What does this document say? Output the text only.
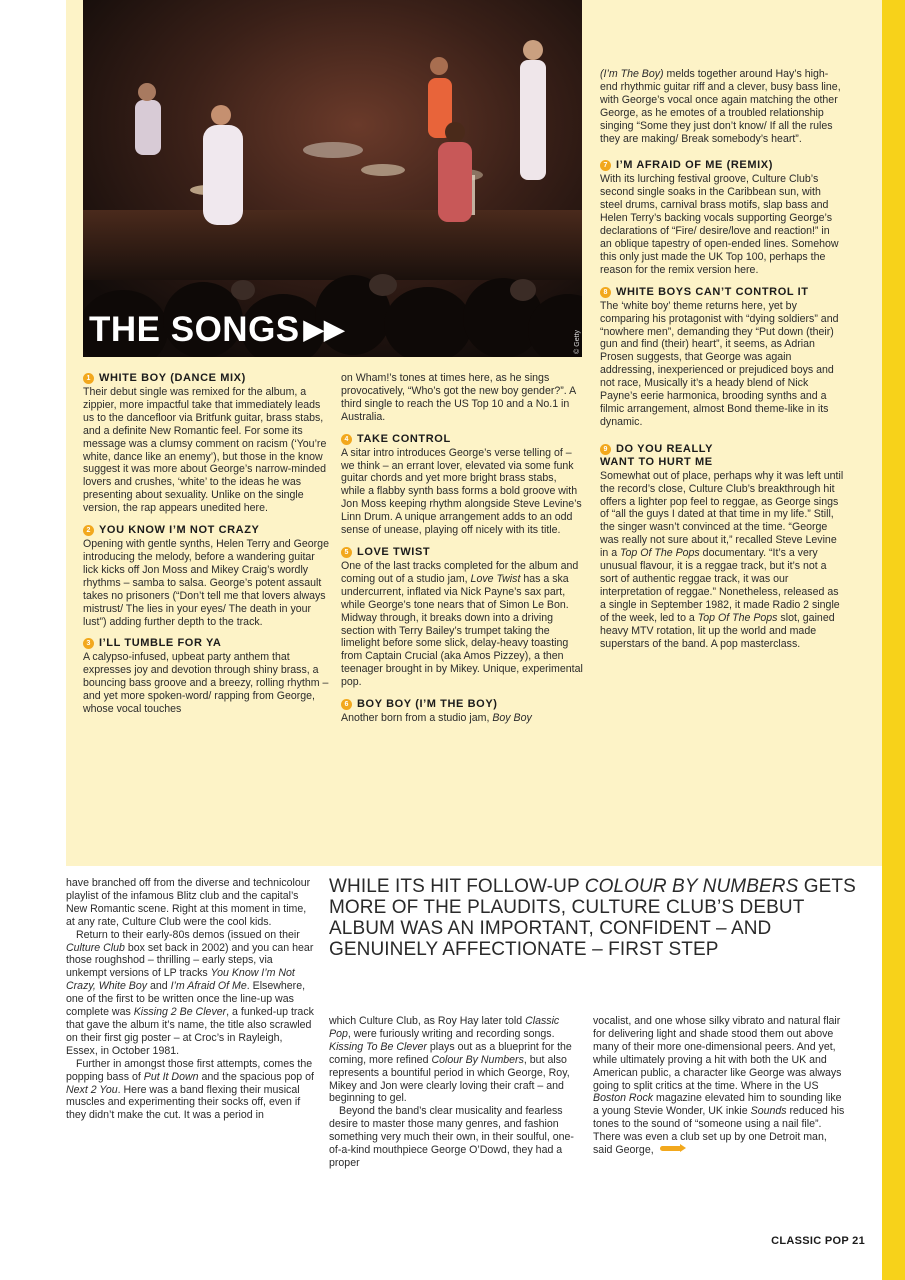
THE SONGS ▶▶	© Getty
1 WHITE BOY (DANCE MIX)

Their debut single was remixed for the album, a zippier, more impactful take that immediately leads us to the dancefloor via Britfunk guitar, brass stabs, and a definite New Romantic feel. For some its message was a clumsy comment on racism (‘You’re white, dance like an enemy’), but those in the know suggest it was more about George’s narrow-minded lovers and crushes, ‘white’ to the ideas he was presenting about sexuality. Unlike on the single version, the rap appears unedited here.

2 YOU KNOW I’M NOT CRAZY

Opening with gentle synths, Helen Terry and George introducing the melody, before a wandering guitar lick kicks off Jon Moss and Mikey Craig’s wordly rhythms – samba to salsa. George’s potent assault takes no prisoners (“Don’t tell me that lovers always mistrust/ The lies in your eyes/ The death in your lust”) adding further depth to the track.

3 I’LL TUMBLE FOR YA

A calypso-infused, upbeat party anthem that expresses joy and devotion through shiny brass, a bouncing bass groove and a breezy, rolling rhythm – and yet more spoken-word/ rapping from George, whose vocal touches

on Wham!’s tones at times here, as he sings provocatively, “Who’s got the new boy gender?”. A third single to reach the US Top 10 and a No.1 in Australia.

4 TAKE CONTROL

A sitar intro introduces George’s verse telling of – we think – an errant lover, elevated via some funk guitar chords and yet more bright brass stabs, while a flabby synth bass forms a bold groove with Jon Moss keeping rhythm alongside Steve Levine’s Linn Drum. A unique arrangement adds to an odd sense of unease, playing off nicely with its title.

5 LOVE TWIST

One of the last tracks completed for the album and coming out of a studio jam, Love Twist has a ska undercurrent, inflated via Nick Payne’s sax part, while George’s tone nears that of Simon Le Bon. Midway through, it breaks down into a driving section with Terry Bailey’s trumpet taking the limelight before some slick, delay-heavy toasting from Captain Crucial (aka Amos Pizzey), a then teenager brought in by Mikey. Unique, experimental pop.

6 BOY BOY (I’M THE BOY)

Another born from a studio jam, Boy Boy

(I’m The Boy) melds together around Hay’s high-end rhythmic guitar riff and a clever, busy bass line, with George’s vocal once again matching the other George, as he emotes of a troubled relationship singing “Some they just don’t know/ If all the rules they are making/ Break somebody’s heart”.

7 I’M AFRAID OF ME (REMIX)

With its lurching festival groove, Culture Club’s second single soaks in the Caribbean sun, with steel drums, carnival brass motifs, slap bass and Helen Terry’s backing vocals supporting George’s declarations of “Fire/ desire/love and reaction!” in an oblique tapestry of open-ended lines. Somehow this only just made the UK Top 100, perhaps the reason for the remix version here.

8 WHITE BOYS CAN’T CONTROL IT

The ‘white boy’ theme returns here, yet by comparing his protagonist with “dying soldiers” and “nowhere men”, demanding they “Put down (their) gun and find (their) heart”, it seems, as Adrian Prosen suggests, that George was again addressing, inexperienced or prejudiced boys and not race, Musically it’s a heady blend of Nick Payne’s eerie harmonica, brooding synths and a filmic arrangement, almost Bond theme-like in its dynamic.

9 DO YOU REALLY WANT TO HURT ME

Somewhat out of place, perhaps why it was left until the record’s close, Culture Club’s breakthrough hit offers a lighter pop feel to reggae, as George sings of “all the guys I dated at that time in my life.” Still, the singer wasn’t convinced at the time. “George was really not sure about it,” recalled Steve Levine in a Top Of The Pops documentary. “It’s a very unusual flavour, it is a reggae track, but it’s not a sort of authentic reggae track, it was our interpretation of reggae.” Nonetheless, released as a single in September 1982, it made Radio 2 single of the week, led to a Top Of The Pops slot, gained heavy MTV rotation, lit up the world and made superstars of the band. A pop masterclass.

WHILE ITS HIT FOLLOW-UP COLOUR BY NUMBERS GETS MORE OF THE PLAUDITS, CULTURE CLUB’S DEBUT ALBUM WAS AN IMPORTANT, CONFIDENT – AND GENUINELY AFFECTIONATE – FIRST STEP

have branched off from the diverse and technicolour playlist of the infamous Blitz club and the capital’s New Romantic scene. Right at this moment in time, at any rate, Culture Club were the cool kids.

Return to their early-80s demos (issued on their Culture Club box set back in 2002) and you can hear those roughshod – thrilling – early steps, via unkempt versions of LP tracks You Know I’m Not Crazy, White Boy and I’m Afraid Of Me. Elsewhere, one of the first to be written once the line-up was complete was Kissing 2 Be Clever, a funked-up track that gave the album it’s name, the title also scrawled on their first gig poster – at Croc’s in Rayleigh, Essex, in October 1981.

Further in amongst those first attempts, comes the popping bass of Put It Down and the spacious pop of Next 2 You. Here was a band flexing their musical muscles and experimenting their socks off, even if they didn’t make the cut. It was a period in

which Culture Club, as Roy Hay later told Classic Pop, were furiously writing and recording songs. Kissing To Be Clever plays out as a blueprint for the coming, more refined Colour By Numbers, but also represents a bountiful period in which George, Roy, Mikey and Jon were clearly loving their craft – and beginning to gel.

Beyond the band’s clear musicality and fearless desire to master those many genres, and fashion something very much their own, in their soulful, one-of-a-kind mouthpiece George O’Dowd, they had a proper

vocalist, and one whose silky vibrato and natural flair for delivering light and shade stood them out above many of their more one-dimensional peers. And yet, while ultimately proving a hit with both the UK and American public, a character like George was always going to split critics at the time. Where in the US Boston Rock magazine elevated him to sounding like a young Stevie Wonder, UK inkie Sounds reduced his tones to the sound of “someone using a nail file”. There was even a club set up by one Detroit man, said George,

CLASSIC POP 21
